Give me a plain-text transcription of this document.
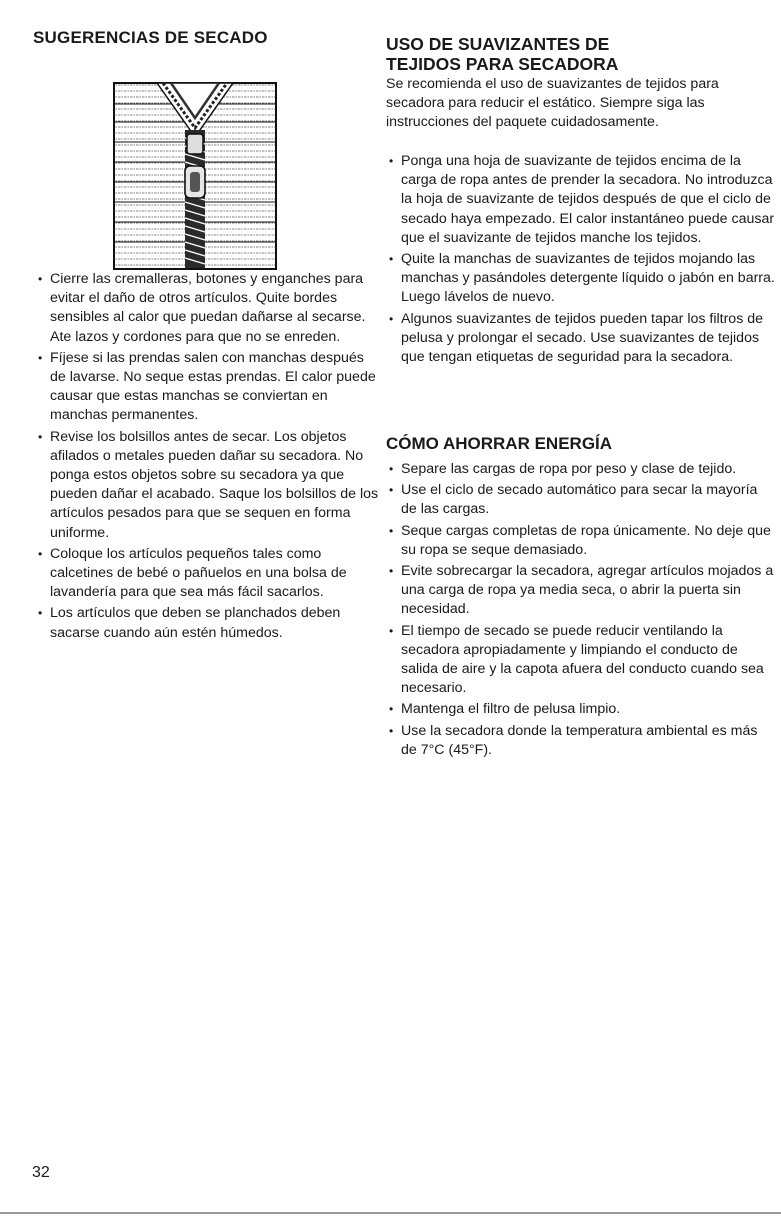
SUGERENCIAS DE SECADO
• Cierre las cremalleras, botones y enganches para evitar el daño de otros artículos. Quite bordes sensibles al calor que puedan dañarse al secarse. Ate lazos y cordones para que no se enreden.
• Fíjese si las prendas salen con manchas después de lavarse. No seque estas prendas. El calor puede causar que estas manchas se conviertan en manchas permanentes.
• Revise los bolsillos antes de secar. Los objetos afilados o metales pueden dañar su secadora. No ponga estos objetos sobre su secadora ya que pueden dañar el acabado. Saque los bolsillos de los artículos pesados para que se sequen en forma uniforme.
• Coloque los artículos pequeños tales como calcetines de bebé o pañuelos en una bolsa de lavandería para que sea más fácil sacarlos.
• Los artículos que deben se planchados deben sacarse cuando aún estén húmedos.
USO DE SUAVIZANTES DE
TEJIDOS PARA SECADORA

Se recomienda el uso de suavizantes de tejidos para secadora para reducir el estático. Siempre siga las instrucciones del paquete cuidadosamente.

• Ponga una hoja de suavizante de tejidos encima de la carga de ropa antes de prender la secadora. No introduzca la hoja de suavizante de tejidos después de que el ciclo de secado haya empezado. El calor instantáneo puede causar que el suavizante de tejidos manche los tejidos.
• Quite la manchas de suavizantes de tejidos mojando las manchas y pasándoles detergente líquido o jabón en barra. Luego lávelos de nuevo.
• Algunos suavizantes de tejidos pueden tapar los filtros de pelusa y prolongar el secado. Use suavizantes de tejidos que tengan etiquetas de seguridad para la secadora.
CÓMO AHORRAR ENERGÍA
• Separe las cargas de ropa por peso y clase de tejido.
• Use el ciclo de secado automático para secar la mayoría de las cargas.
• Seque cargas completas de ropa únicamente. No deje que su ropa se seque demasiado.
• Evite sobrecargar la secadora, agregar artículos mojados a una carga de ropa ya media seca, o abrir la puerta sin necesidad.
• El tiempo de secado se puede reducir ventilando la secadora apropiadamente y limpiando el conducto de salida de aire y la capota afuera del conducto cuando sea necesario.
• Mantenga el filtro de pelusa limpio.
• Use la secadora donde la temperatura ambiental es más de 7°C (45°F).
32
